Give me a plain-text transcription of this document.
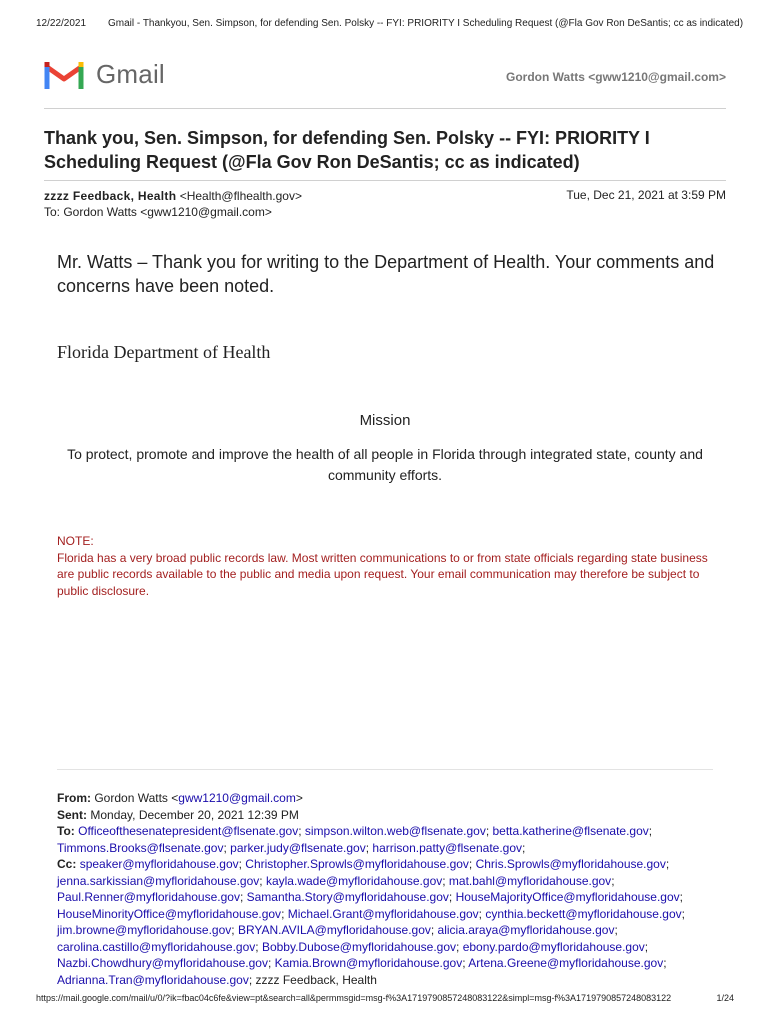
12/22/2021 Gmail - Thankyou, Sen. Simpson, for defending Sen. Polsky -- FYI: PRIORITY I Scheduling Request (@Fla Gov Ron DeSantis; cc as indicated)
Gmail	Gordon Watts <gww1210@gmail.com>
Thank you, Sen. Simpson, for defending Sen. Polsky -- FYI: PRIORITY I Scheduling Request (@Fla Gov Ron DeSantis; cc as indicated)
zzzz Feedback, Health <Health@flhealth.gov>
To: Gordon Watts <gww1210@gmail.com>
Tue, Dec 21, 2021 at 3:59 PM
Mr. Watts – Thank you for writing to the Department of Health. Your comments and concerns have been noted.
Florida Department of Health
Mission
To protect, promote and improve the health of all people in Florida through integrated state, county and community efforts.
NOTE:
Florida has a very broad public records law. Most written communications to or from state officials regarding state business are public records available to the public and media upon request. Your email communication may therefore be subject to public disclosure.
From: Gordon Watts <gww1210@gmail.com>
Sent: Monday, December 20, 2021 12:39 PM
To: Officeofthesenatepresident@flsenate.gov; simpson.wilton.web@flsenate.gov; betta.katherine@flsenate.gov; Timmons.Brooks@flsenate.gov; parker.judy@flsenate.gov; harrison.patty@flsenate.gov;
Cc: speaker@myfloridahouse.gov; Christopher.Sprowls@myfloridahouse.gov; Chris.Sprowls@myfloridahouse.gov; jenna.sarkissian@myfloridahouse.gov; kayla.wade@myfloridahouse.gov; mat.bahl@myfloridahouse.gov; Paul.Renner@myfloridahouse.gov; Samantha.Story@myfloridahouse.gov; HouseMajorityOffice@myfloridahouse.gov; HouseMinorityOffice@myfloridahouse.gov; Michael.Grant@myfloridahouse.gov; cynthia.beckett@myfloridahouse.gov; jim.browne@myfloridahouse.gov; BRYAN.AVILA@myfloridahouse.gov; alicia.araya@myfloridahouse.gov; carolina.castillo@myfloridahouse.gov; Bobby.Dubose@myfloridahouse.gov; ebony.pardo@myfloridahouse.gov; Nazbi.Chowdhury@myfloridahouse.gov; Kamia.Brown@myfloridahouse.gov; Artena.Greene@myfloridahouse.gov; Adrianna.Tran@myfloridahouse.gov; zzzz Feedback, Health
https://mail.google.com/mail/u/0/?ik=fbac04c6fe&view=pt&search=all&permmsgid=msg-f%3A1719790857248083122&simpl=msg-f%3A1719790857248083122	1/24
